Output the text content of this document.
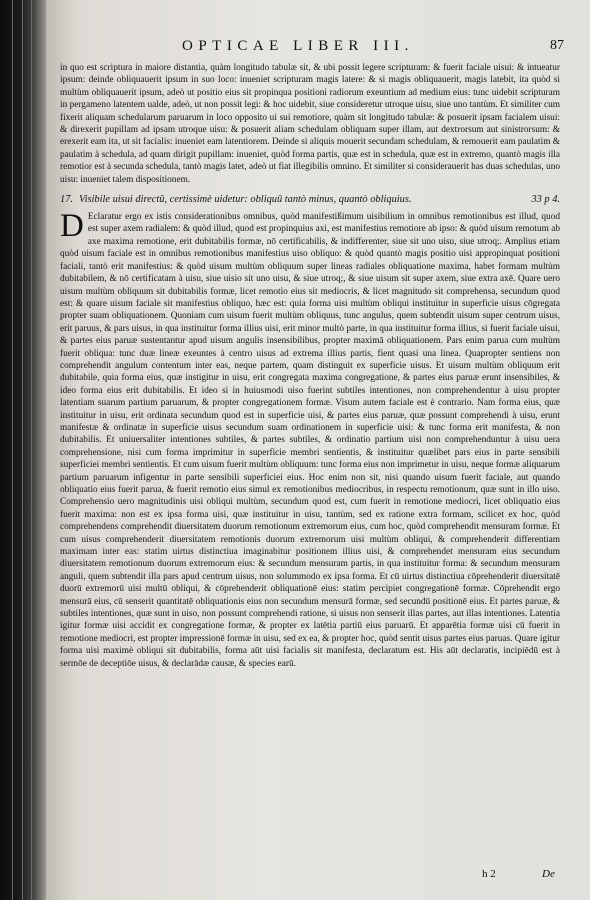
OPTICAE LIBER III.	87

in quo est scriptura in maiore distantia, quàm longitudo tabulæ sit, & ubi possit legere scripturam: & fuerit faciale uisui: & intueatur ipsum: deinde obliquauerit ipsum in suo loco: inueniet scripturam magis latere: & si magis obliquauerit, magis latebit, ita quòd si multùm obliquauerit ipsum, adeò ut positio eius sit propinqua positioni radiorum exeuntium ad medium eius: tunc uidebit scripturam in pergameno latentem ualde, adeò, ut non possit legi: & hoc uidebit, siue consideretur utroque uisu, siue uno tantùm. Et similiter cum fixerit aliquam schedularum paruarum in loco opposito ui sui remotiore, quàm sit longitudo tabulæ: & posuerit ipsam facialem uisui: & direxerit pupillam ad ipsam utroque uisu: & posuerit aliam schedulam obliquam super illam, aut dextrorsum aut sinistrorsum: & erexerit eam ita, ut sit facialis: inueniet eam latentiorem. Deinde si aliquis mouerit secundam schedulam, & remouerit eam paulatim & paulatim à schedula, ad quam dirigit pupillam: inueniet, quòd forma partis, quæ est in schedula, quæ est in extremo, quantò magis illa remotior est à secunda schedula, tantò magis latet, adeò ut fiat illegibilis omnino. Et similiter si considerauerit has duas schedulas, uno uisu: inueniet talem dispositionem.

17. Visibile uisui directū, certissimè uidetur: obliquū tantò minus, quantò obliquius.	33 p 4.

D Eclaratur ergo ex istis considerationibus omnibus, quòd manifestißimum uisibilium in omnibus remotionibus est illud, quod est super axem radialem: & quòd illud, quod est propinquius axi, est manifestius remotiore ab ipso: & quòd uisum remotum ab axe maxima remotione, erit dubitabilis formæ, nō certificabilis, & indifferenter, siue sit uno uisu, siue utroq;. Amplius etiam quòd uisum faciale est in omnibus remotionibus manifestius uiso obliquo: & quòd quantò magis positio uisi appropinquat positioni faciali, tantò erit manifestius: & quòd uisum multùm obliquum super lineas radiales obliquatione maxima, habet formam multùm dubitabilem, & nō certificatam à uisu, siue uisio sit uno uisu, & siue utroq;, & siue uisum sit super axem, siue extra axē. Quare uero uisum multùm obliquum sit dubitabilis formæ, licet remotio eius sit mediocris, & licet magnitudo sit comprehensa, secundum quod est: & quare uisum faciale sit manifestius obliquo, hæc est: quia forma uisi multùm obliqui instituitur in superficie uisus cōgregata propter suam obliquationem. Quoniam cum uisum fuerit multùm obliquus, tunc angulus, quem subtendit uisum super centrum uisus, erit paruus, & pars uisus, in qua instituitur forma illius uisi, erit minor multò parte, in qua instituitur forma illius, si fuerit faciale uisui, & partes eius paruæ sustentantur apud uisum angulis insensibilibus, propter maximā obliquationem. Pars enim parua cum multùm fuerit obliqua: tunc duæ lineæ exeuntes à centro uisus ad extrema illius partis, fient quasi una linea. Quapropter sentiens non comprehendit angulum contentum inter eas, neque partem, quam distinguit ex superficie uisus. Et uisum multùm obliquum erit dubitabile, quia forma eius, quæ instigitur in uisu, erit congregata maxima congregatione, & partes eius paruæ erunt insensibiles, & ideo forma eius erit dubitabilis. Et ideo si in huiusmodi uiso fuerint subtiles intentiones, non comprehendentur à uisu propter latentiam suarum partium paruarum, & propter congregationem formæ. Visum autem faciale est è contrario. Nam forma eius, quæ instituitur in uisu, erit ordinata secundum quod est in superficie uisi, & partes eius paruæ, quæ possunt comprehendi à uisu, erunt manifestæ & ordinatæ in superficie uisus secundum suam ordinationem in superficie uisi: & tunc forma erit manifesta, & non dubitabilis. Et uniuersaliter intentiones subtiles, & partes subtiles, & ordinatio partium uisi non comprehenduntur à uisu uera comprehensione, nisi cum forma imprimitur in superficie membri sentientis, & instituitur quælibet pars eius in parte sensibili superficiei membri sentientis. Et cum uisum fuerit multùm obliquum: tunc forma eius non imprimetur in uisu, neque formæ aliquarum partium paruarum infigentur in parte sensibili superficiei eius. Hoc enim non sit, nisi quando uisum fuerit faciale, aut quando obliquatio eius fuerit parua, & fuerit remotio eius simul ex remotionibus mediocribus, in respectu remotionum, quæ sunt in illo uiso. Comprehensio uero magnitudinis uisi obliqui multùm, secundum quod est, cum fuerit in remotione mediocri, licet obliquatio eius fuerit maxima: non est ex ipsa forma uisi, quæ instituitur in uisu, tantùm, sed ex ratione extra formam, scilicet ex hoc, quòd comprehendens comprehendit diuersitatem duorum remotionum extremorum eius, cum hoc, quòd comprehendit mensuram formæ. Et cum uisus comprehenderit diuersitatem remotionis duorum extremorum uisi multùm obliqui, & comprehenderit differentiam maximam inter eas: statim uirtus distinctiua imaginabitur positionem illius uisi, & comprehendet mensuram eius secundum diuersitatem remotionum duorum extremorum eius: & secundum mensuram partis, in qua instituitur forma: & secundum mensuram anguli, quem subtendit illa pars apud centrum uisus, non solummodo ex ipsa forma. Et cū uirtus distinctiua cōprehenderit diuersitatē duorū extremorū uisi multū obliqui, & cōprehenderit obliquationē eius: statim percipiet congregationē formæ. Cōprehendit ergo mensurā eius, cū senserit quantitatē obliquationis eius non secundum mensurā formæ, sed secundū positionē eius. Et partes paruæ, & subtiles intentiones, quæ sunt in uiso, non possunt comprehendi ratione, si uisus non senserit illas partes, aut illas intentiones. Latentia igitur formæ uisi accidit ex congregatione formæ, & propter ex latētia partiū eius paruarū. Et apparētia formæ uisi cū fuerit in remotione mediocri, est propter impressionē formæ in uisu, sed ex ea, & propter hoc, quòd sentit uisus partes eius paruas. Quare igitur forma uisi maximè obliqui sit dubitabilis, forma aūt uisi facialis sit manifesta, declaratum est. His aūt declaratis, incipiēdū est à sermōe de deceptiōe uisus, & declarādæ causæ, & species earū.

h 2	De
